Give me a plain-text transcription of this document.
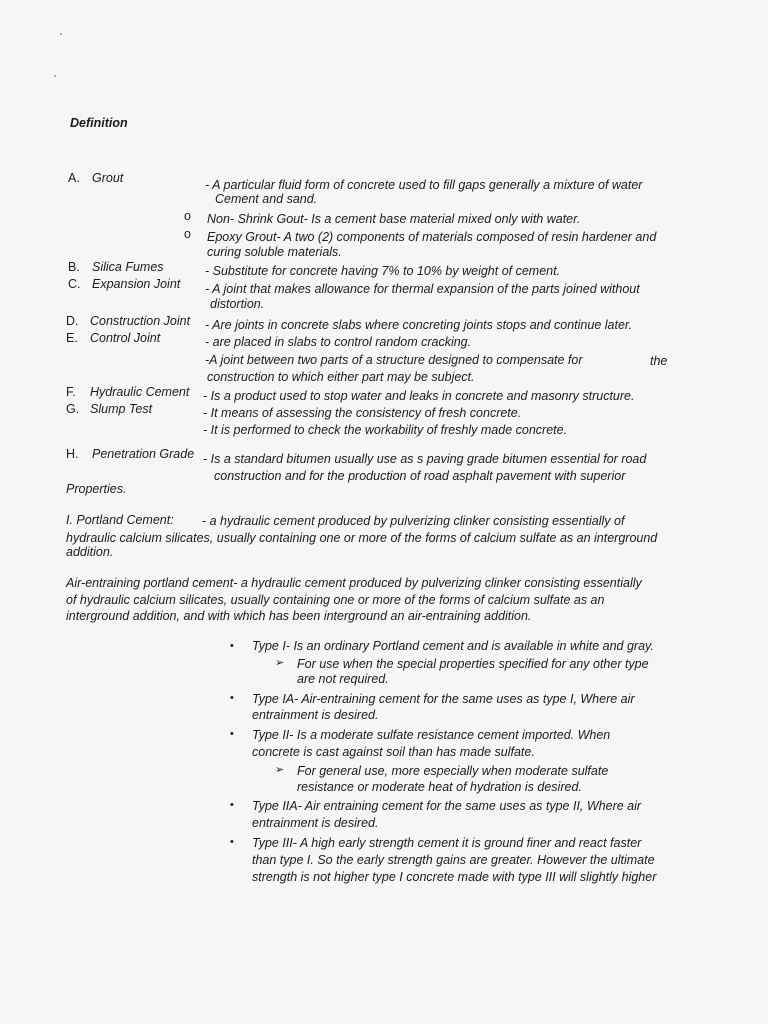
Definition
A. Grout	- A particular fluid form of concrete used to fill gaps generally a mixture of water
Cement and sand.
o Non- Shrink Gout- Is a cement base material mixed only with water.
o Epoxy Grout- A two (2) components of materials composed of resin hardener and
curing soluble materials.
B. Silica Fumes	- Substitute for concrete having 7% to 10% by weight of cement.
C. Expansion Joint - A joint that makes allowance for thermal expansion of the parts joined without
distortion.
D. Construction Joint - Are joints in concrete slabs where concreting joints stops and continue later.
E. Control Joint	- are placed in slabs to control random cracking.
-A joint between two parts of a structure designed to compensate for	the
construction to which either part may be subject.
F. Hydraulic Cement - Is a product used to stop water and leaks in concrete and masonry structure.
G. Slump Test	- It means of assessing the consistency of fresh concrete.
- It is performed to check the workability of freshly made concrete.
H. Penetration Grade - Is a standard bitumen usually use as s paving grade bitumen essential for road
construction and for the production of road asphalt pavement with superior
Properties.
I. Portland Cement: - a hydraulic cement produced by pulverizing clinker consisting essentially of
hydraulic calcium silicates, usually containing one or more of the forms of calcium sulfate as an interground
addition.
Air-entraining portland cement- a hydraulic cement produced by pulverizing clinker consisting essentially
of hydraulic calcium silicates, usually containing one or more of the forms of calcium sulfate as an
interground addition, and with which has been interground an air-entraining addition.
• Type I- Is an ordinary Portland cement and is available in white and gray.
➢ For use when the special properties specified for any other type
are not required.
• Type IA- Air-entraining cement for the same uses as type I, Where air
entrainment is desired.
• Type II- Is a moderate sulfate resistance cement imported. When
concrete is cast against soil than has made sulfate.
➢ For general use, more especially when moderate sulfate
resistance or moderate heat of hydration is desired.
• Type IIA- Air entraining cement for the same uses as type II, Where air
entrainment is desired.
• Type III- A high early strength cement it is ground finer and react faster
than type I. So the early strength gains are greater. However the ultimate
strength is not higher type I concrete made with type III will slightly higher
